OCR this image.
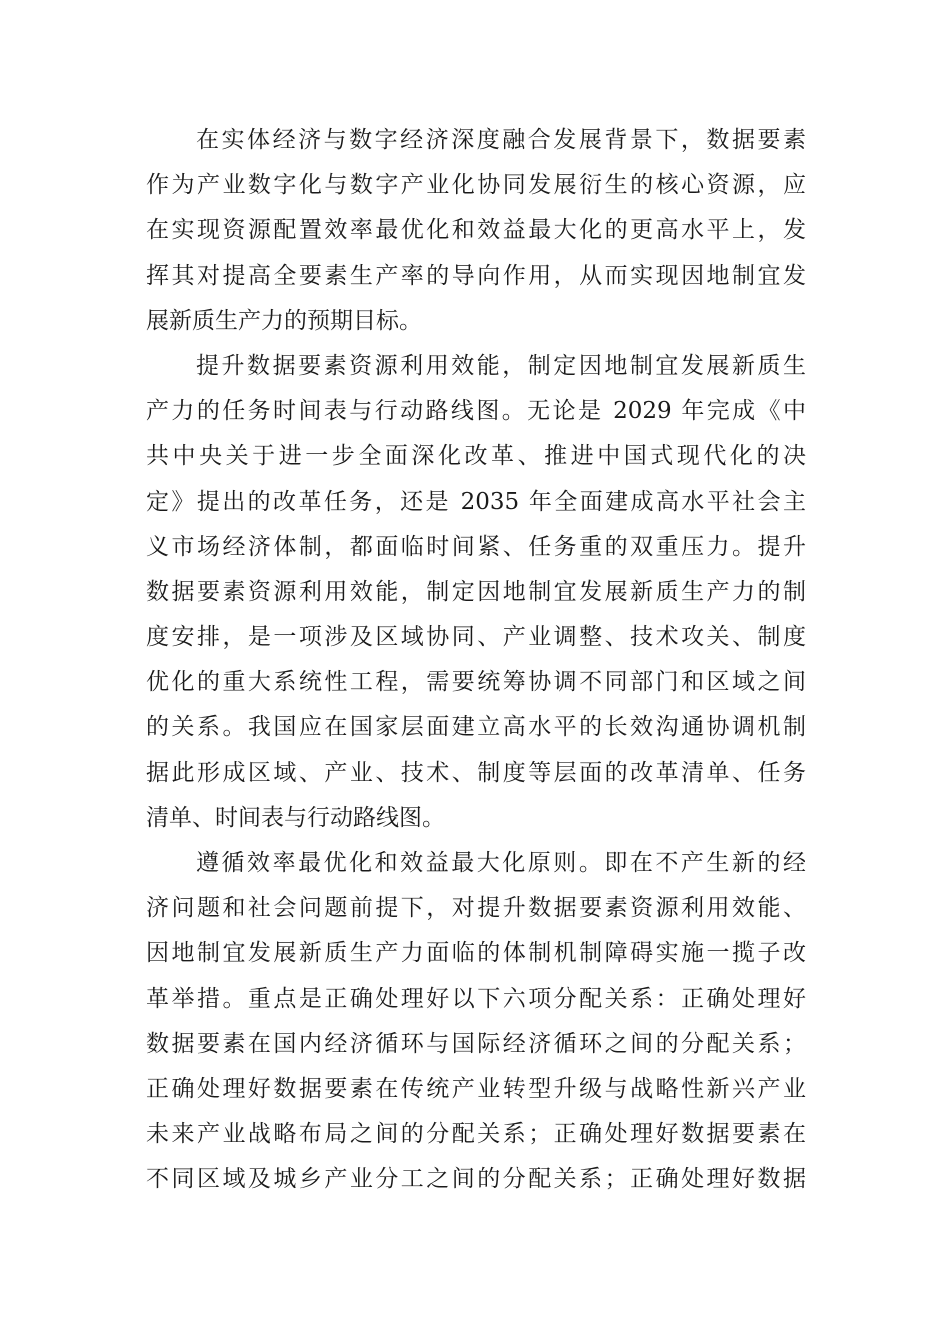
在实体经济与数字经济深度融合发展背景下，数据要素
作为产业数字化与数字产业化协同发展衍生的核心资源，应
在实现资源配置效率最优化和效益最大化的更高水平上，发
挥其对提高全要素生产率的导向作用，从而实现因地制宜发
展新质生产力的预期目标。
提升数据要素资源利用效能，制定因地制宜发展新质生
产力的任务时间表与行动路线图。无论是 2029 年完成《中
共中央关于进一步全面深化改革、推进中国式现代化的决
定》提出的改革任务，还是 2035 年全面建成高水平社会主
义市场经济体制，都面临时间紧、任务重的双重压力。提升
数据要素资源利用效能，制定因地制宜发展新质生产力的制
度安排，是一项涉及区域协同、产业调整、技术攻关、制度
优化的重大系统性工程，需要统筹协调不同部门和区域之间
的关系。我国应在国家层面建立高水平的长效沟通协调机制
据此形成区域、产业、技术、制度等层面的改革清单、任务
清单、时间表与行动路线图。
遵循效率最优化和效益最大化原则。即在不产生新的经
济问题和社会问题前提下，对提升数据要素资源利用效能、
因地制宜发展新质生产力面临的体制机制障碍实施一揽子改
革举措。重点是正确处理好以下六项分配关系：正确处理好
数据要素在国内经济循环与国际经济循环之间的分配关系；
正确处理好数据要素在传统产业转型升级与战略性新兴产业
未来产业战略布局之间的分配关系；正确处理好数据要素在
不同区域及城乡产业分工之间的分配关系；正确处理好数据
